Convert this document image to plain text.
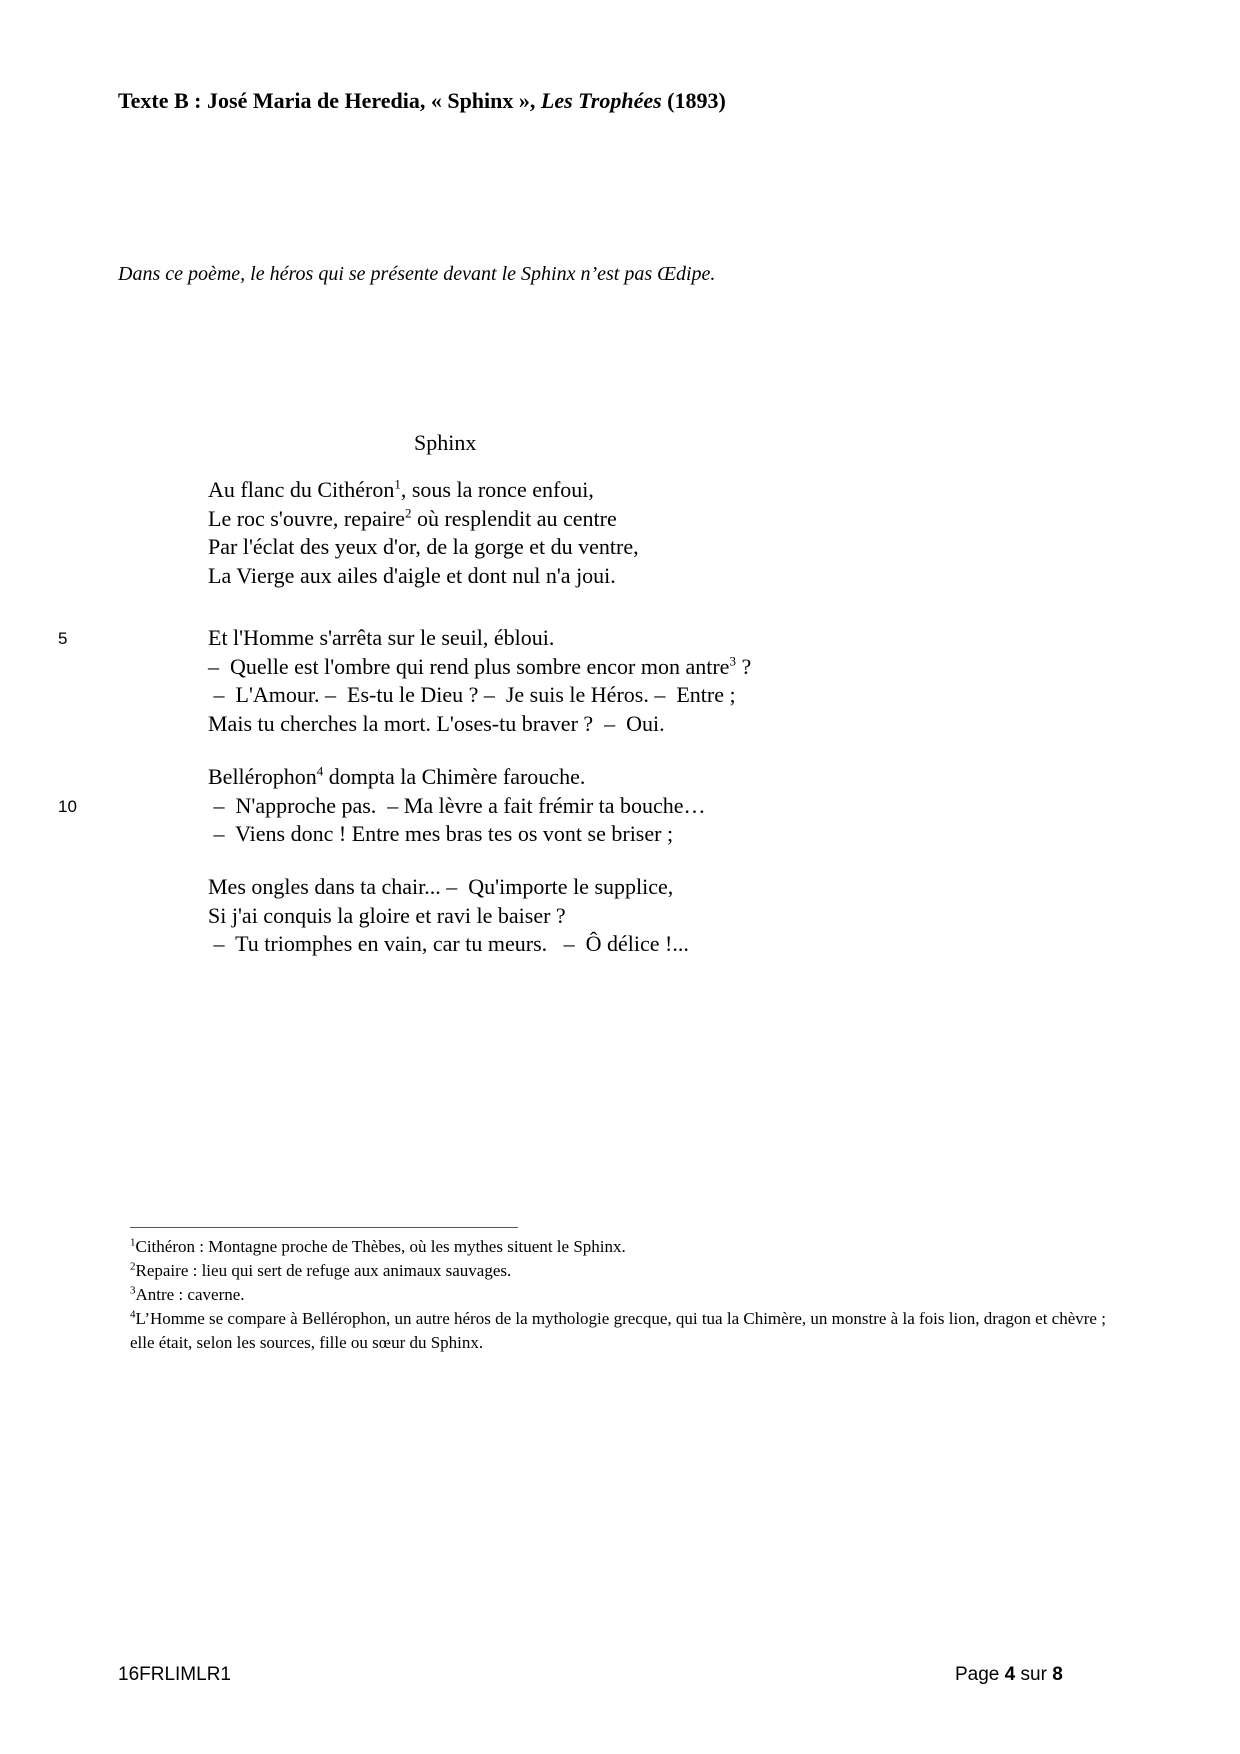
Texte B : José Maria de Heredia, « Sphinx », Les Trophées (1893)
Dans ce poème, le héros qui se présente devant le Sphinx n’est pas Œdipe.
Sphinx
Au flanc du Cithéron$^1$, sous la ronce enfoui,
Le roc s'ouvre, repaire$^2$ où resplendit au centre
Par l'éclat des yeux d'or, de la gorge et du ventre,
La Vierge aux ailes d'aigle et dont nul n'a joui.
5	Et l'Homme s'arrêta sur le seuil, ébloui.
–  Quelle est l'ombre qui rend plus sombre encor mon antre$^3$ ?
–  L'Amour. –  Es-tu le Dieu ? –  Je suis le Héros. –  Entre ;
Mais tu cherches la mort. L'oses-tu braver ?  –  Oui.
10
Bellérophon$^4$ dompta la Chimère farouche.
–  N'approche pas.  – Ma lèvre a fait frémir ta bouche…
–  Viens donc ! Entre mes bras tes os vont se briser ;
Mes ongles dans ta chair... –  Qu'importe le supplice,
Si j'ai conquis la gloire et ravi le baiser ?
–  Tu triomphes en vain, car tu meurs.   –  Ô délice !...
$^1$Cithéron : Montagne proche de Thèbes, où les mythes situent le Sphinx.
$^2$Repaire : lieu qui sert de refuge aux animaux sauvages.
$^3$Antre : caverne.
$^4$L’Homme se compare à Bellérophon, un autre héros de la mythologie grecque, qui tua la Chimère, un monstre à la fois lion, dragon et chèvre ; elle était, selon les sources, fille ou sœur du Sphinx.
16FRLIMLR1	Page 4 sur 8
